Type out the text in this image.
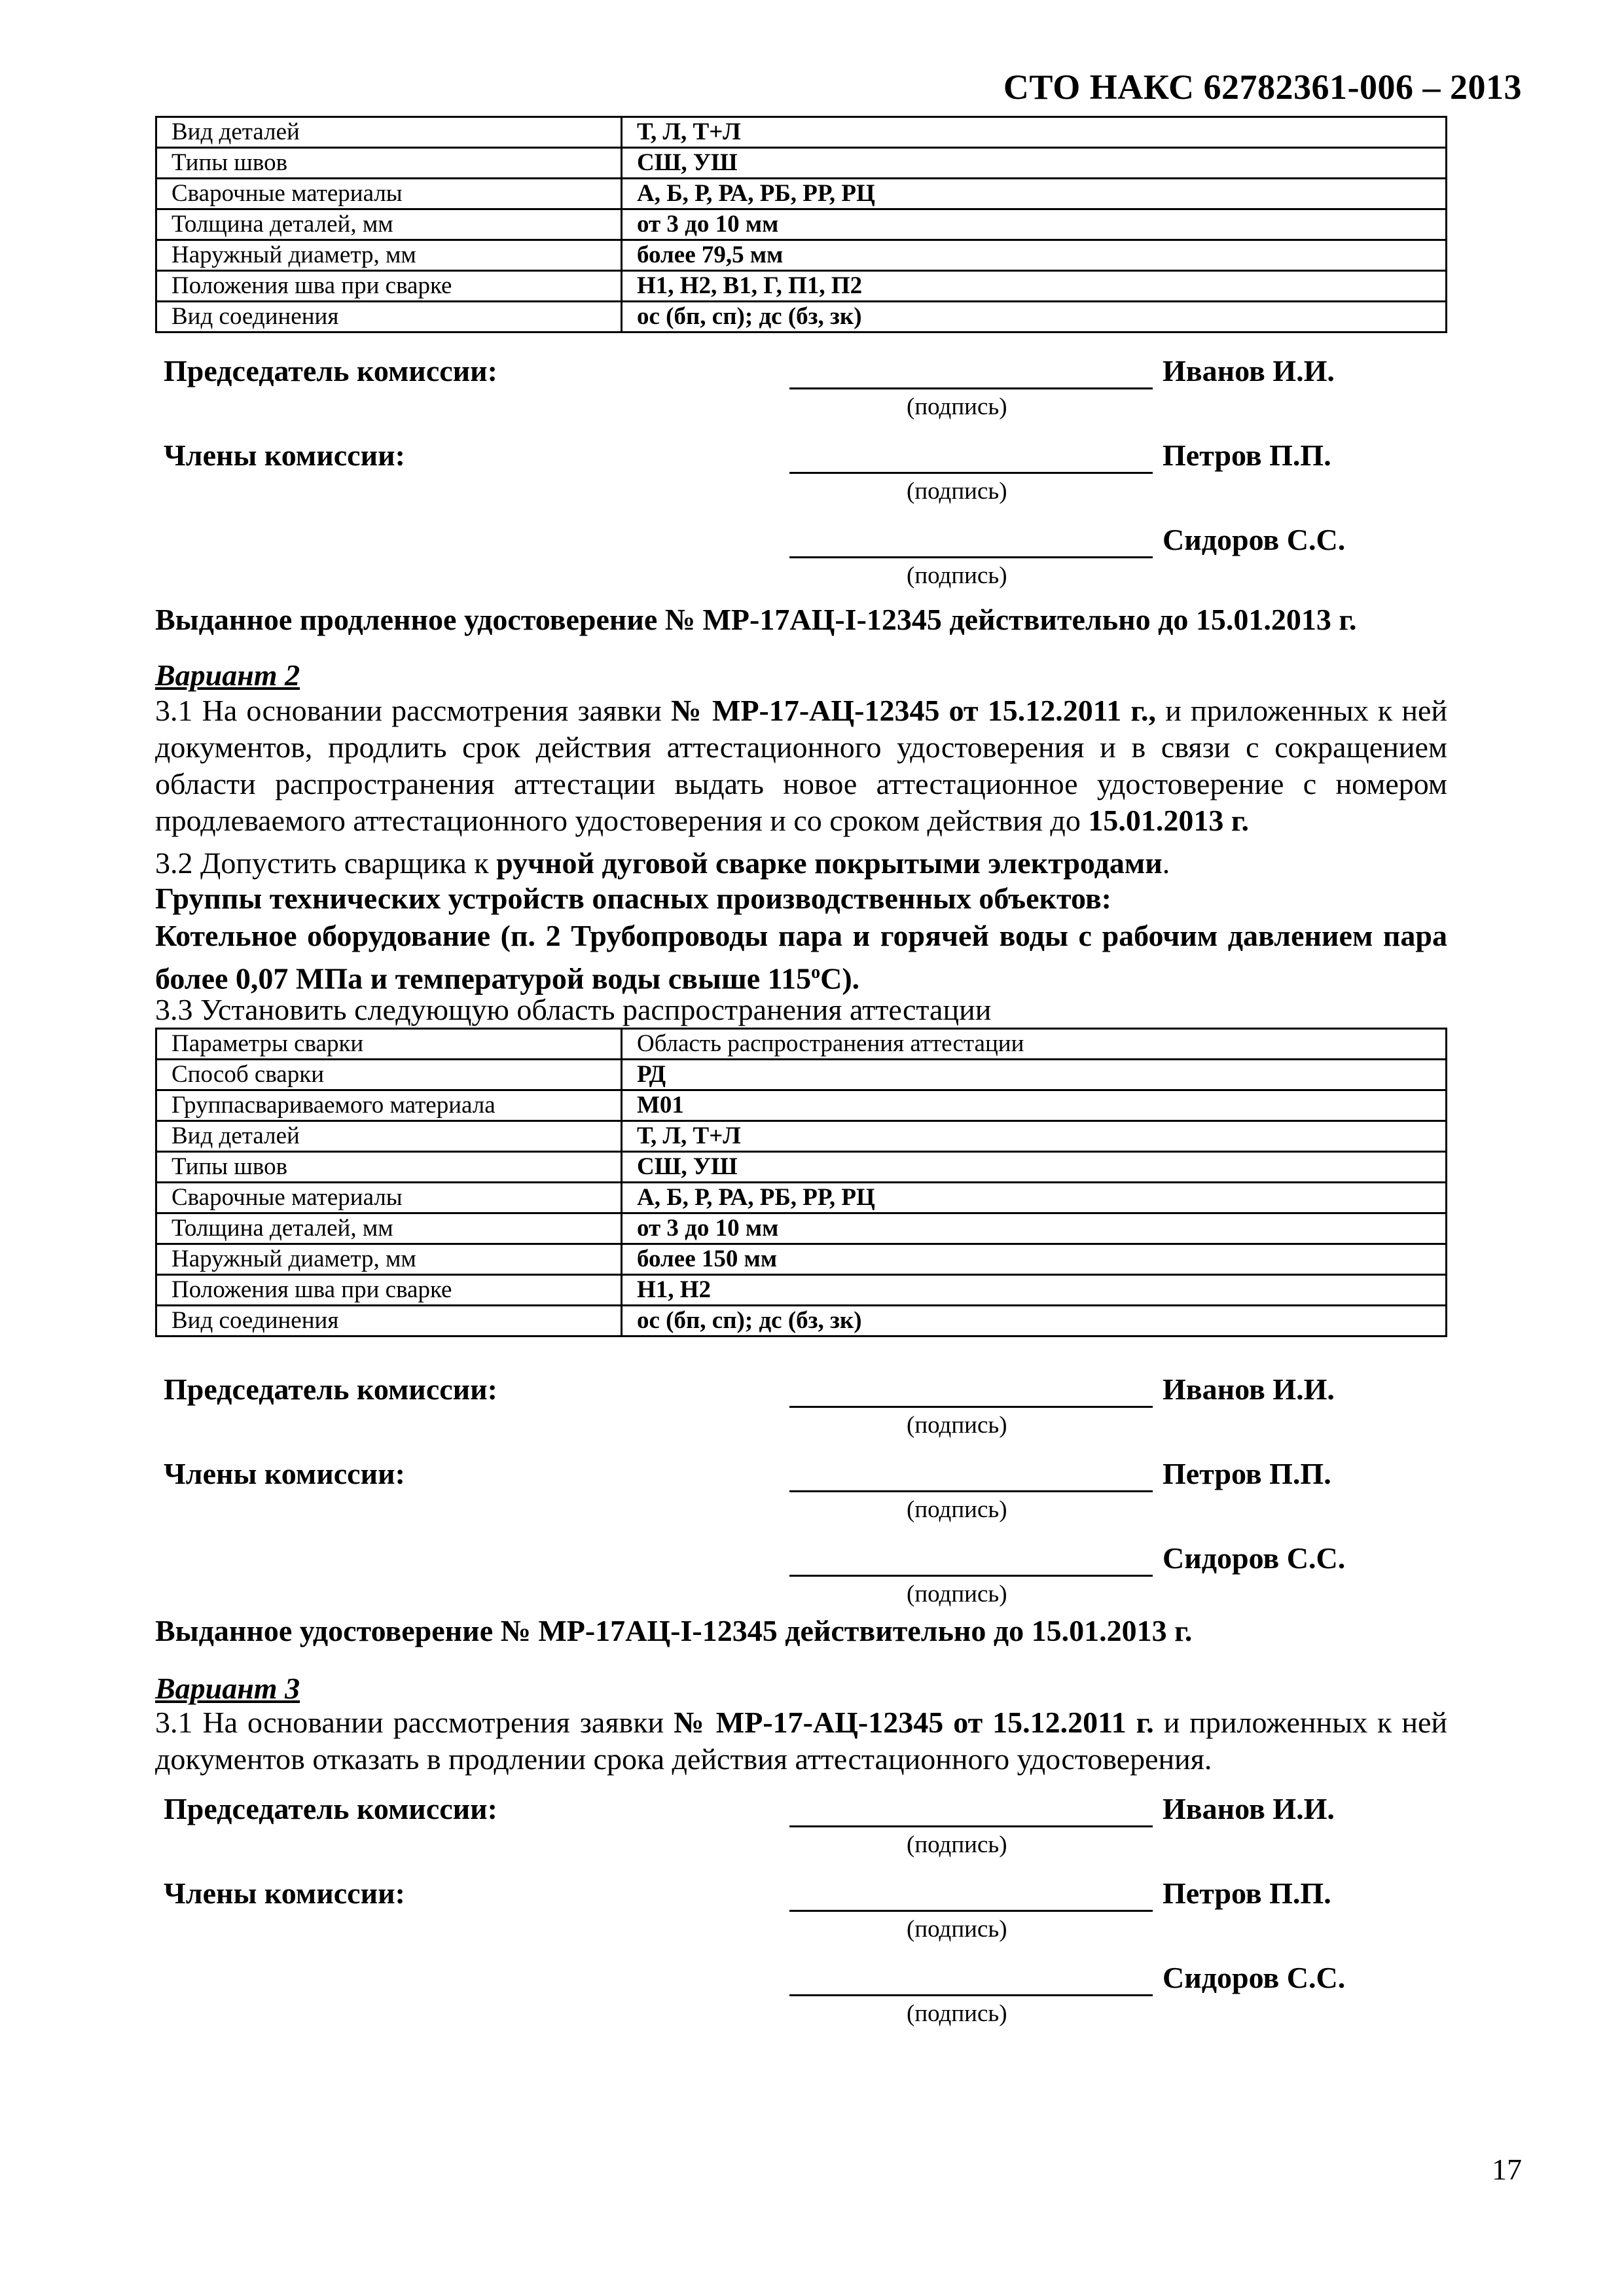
СТО НАКС 62782361-006 – 2013
Вид деталей	Т, Л, Т+Л
Типы швов	СШ, УШ
Сварочные материалы	А, Б, Р, РА, РБ, РР, РЦ
Толщина деталей, мм	от 3 до 10 мм
Наружный диаметр, мм	более 79,5 мм
Положения шва при сварке	Н1, Н2, В1, Г, П1, П2
Вид соединения	ос (бп, сп); дс (бз, зк)
Председатель комиссии:	Иванов И.И.
(подпись)
Члены комиссии:	Петров П.П.
(подпись)
Сидоров С.С.
(подпись)
Выданное продленное удостоверение № МР-17АЦ-I-12345 действительно до 15.01.2013 г.
Вариант 2
3.1 На основании рассмотрения заявки № МР-17-АЦ-12345 от 15.12.2011 г., и приложенных к ней документов, продлить срок действия аттестационного удостоверения и в связи с сокращением области распространения аттестации выдать новое аттестационное удостоверение с номером продлеваемого аттестационного удостоверения и со сроком действия до 15.01.2013 г.
3.2 Допустить сварщика к ручной дуговой сварке покрытыми электродами.
Группы технических устройств опасных производственных объектов:
Котельное оборудование (п. 2 Трубопроводы пара и горячей воды с рабочим давлением пара более 0,07 МПа и температурой воды свыше $115^оС$).
3.3 Установить следующую область распространения аттестации
Параметры сварки	Область распространения аттестации
Способ сварки	РД
Группасвариваемого материала	М01
Вид деталей	Т, Л, Т+Л
Типы швов	СШ, УШ
Сварочные материалы	А, Б, Р, РА, РБ, РР, РЦ
Толщина деталей, мм	от 3 до 10 мм
Наружный диаметр, мм	более 150 мм
Положения шва при сварке	Н1, Н2
Вид соединения	ос (бп, сп); дс (бз, зк)
Председатель комиссии:	Иванов И.И.
(подпись)
Члены комиссии:	Петров П.П.
(подпись)
Сидоров С.С.
(подпись)
Выданное удостоверение № МР-17АЦ-I-12345 действительно до 15.01.2013 г.
Вариант 3
3.1 На основании рассмотрения заявки № МР-17-АЦ-12345 от 15.12.2011 г. и приложенных к ней документов отказать в продлении срока действия аттестационного удостоверения.
Председатель комиссии:	Иванов И.И.
(подпись)
Члены комиссии:	Петров П.П.
(подпись)
Сидоров С.С.
(подпись)
17
